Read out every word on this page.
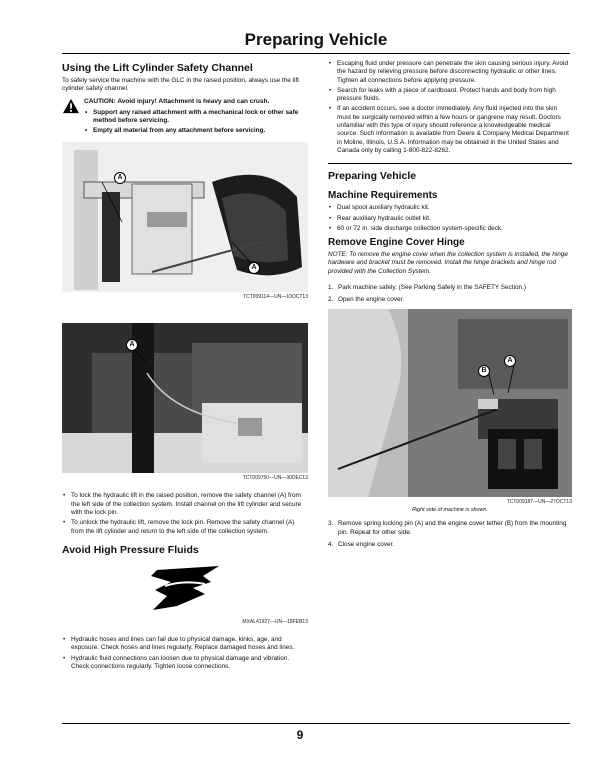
Preparing Vehicle
Using the Lift Cylinder Safety Channel

To safely service the machine with the GLC in the raised position, always use the lift cylinder safety channel.

CAUTION: Avoid injury! Attachment is heavy and can crush.

• Support any raised attachment with a mechanical lock or other safe method before servicing.
• Empty all material from any attachment before servicing.
A
A

TCT009114—UN—10OCT13

A

TCT009750—UN—30DEC13

• To lock the hydraulic lift in the raised position, remove the safety channel (A) from the left side of the collection system. Install channel on the lift cylinder and secure with the lock pin.
• To unlock the hydraulic lift, remove the lock pin. Remove the safety channel (A) from the lift cylinder and return to the left side of the collection system.
Avoid High Pressure Fluids

MXAL41927—UN—18FEB13

• Hydraulic hoses and lines can fail due to physical damage, kinks, age, and exposure. Check hoses and lines regularly. Replace damaged hoses and lines.
• Hydraulic fluid connections can loosen due to physical damage and vibration. Check connections regularly. Tighten loose connections.
• Escaping fluid under pressure can penetrate the skin causing serious injury. Avoid the hazard by relieving pressure before disconnecting hydraulic or other lines. Tighten all connections before applying pressure.
• Search for leaks with a piece of cardboard. Protect hands and body from high pressure fluids.
• If an accident occurs, see a doctor immediately. Any fluid injected into the skin must be surgically removed within a few hours or gangrene may result. Doctors unfamiliar with this type of injury should reference a knowledgeable medical source. Such information is available from Deere & Company Medical Department in Moline, Illinois, U.S.A. Information may be obtained in the United States and Canada only by calling 1-800-822-8262.
Preparing Vehicle
Machine Requirements
• Dual spool auxiliary hydraulic kit.
• Rear auxiliary hydraulic outlet kit.
• 60 or 72 in. side discharge collection system-specific deck.
Remove Engine Cover Hinge

NOTE: To remove the engine cover when the collection system is installed, the hinge hardware and bracket must be removed. Install the hinge brackets and hinge rod provided with the Collection System.

1. Park machine safely. (See Parking Safely in the SAFETY Section.)
2. Open the engine cover.
B
A

TCT009187—UN—27OCT13

Right side of machine is shown.

3. Remove spring locking pin (A) and the engine cover tether (B) from the mounting pin. Repeat for other side.
4. Close engine cover.
9
